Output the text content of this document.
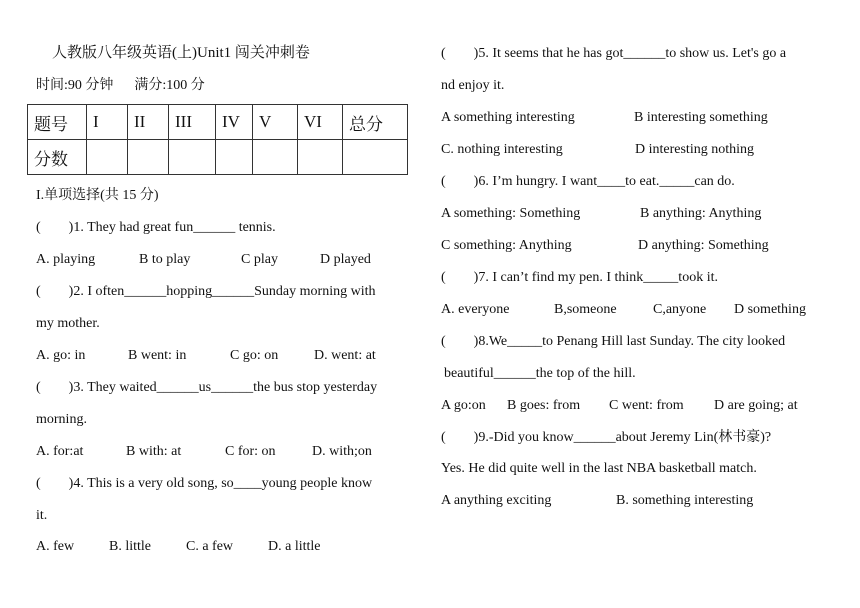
人教版八年级英语(上)Unit1 闯关冲刺卷
时间:90 分钟 满分:100 分
题号	I	II	III	IV	V	VI	总分
分数							
I.单项选择(共 15 分)
(　　)1. They had great fun______ tennis.
A. playing	B to play	C play	D played
(　　)2. I often______hopping______Sunday morning with
my mother.
A. go: in	B went: in	C go: on	D. went: at
(　　)3. They waited______us______the bus stop yesterday
morning.
A. for:at	B with: at	C for: on	D. with;on
(　　)4. This is a very old song, so____young people know
it.
A. few B. little	C. a few D. a little
(　　)5. It seems that he has got______to show us. Let's go a
nd enjoy it.
A something interesting	B interesting something
C. nothing interesting	D interesting nothing
(　　)6. I’m hungry. I want____to eat._____can do.
A something: Something	B anything: Anything
C something: Anything	D anything: Something
(　　)7. I can’t find my pen. I think_____took it.
A. everyone	B,someone	C,anyone D something
(　　)8.We_____to Penang Hill last Sunday. The city looked
beautiful______the top of the hill.
A go:on B goes: from C went: from D are going; at
(　　)9.-Did you know______about Jeremy Lin(林书豪)?
Yes. He did quite well in the last NBA basketball match.
A anything exciting	B. something interesting
